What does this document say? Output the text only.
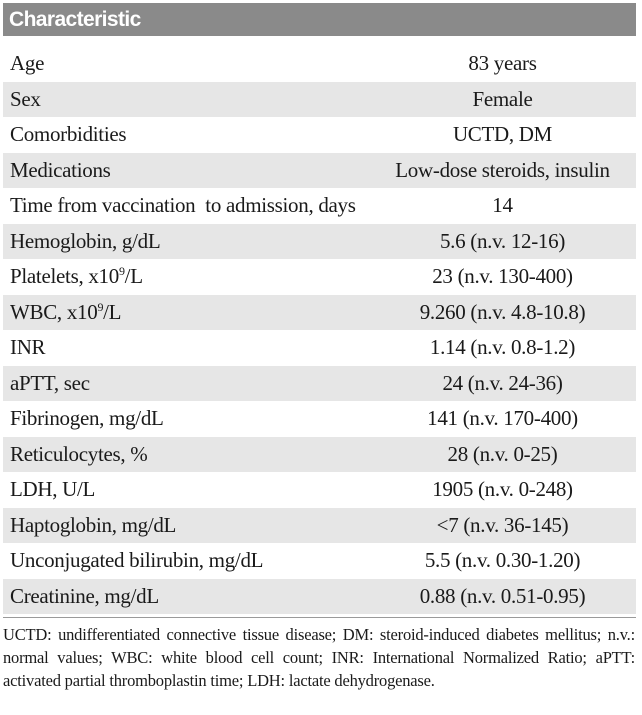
Characteristic
Age	83 years
Sex	Female
Comorbidities	UCTD, DM
Medications	Low-dose steroids, insulin
Time from vaccination  to admission, days	14
Hemoglobin, g/dL	5.6 (n.v. 12-16)
Platelets, $x10^9/L$	23 (n.v. 130-400)
WBC, $x10^9/L$	9.260 (n.v. 4.8-10.8)
INR	1.14 (n.v. 0.8-1.2)
aPTT, sec	24 (n.v. 24-36)
Fibrinogen, mg/dL	141 (n.v. 170-400)
Reticulocytes, %	28 (n.v. 0-25)
LDH, U/L	1905 (n.v. 0-248)
Haptoglobin, mg/dL	<7 (n.v. 36-145)
Unconjugated bilirubin, mg/dL	5.5 (n.v. 0.30-1.20)
Creatinine, mg/dL	0.88 (n.v. 0.51-0.95)
UCTD: undifferentiated connective tissue disease; DM: steroid-induced diabetes mellitus; n.v.: normal values; WBC: white blood cell count; INR: International Normalized Ratio; aPTT: activated partial thromboplastin time; LDH: lactate dehydrogenase.
